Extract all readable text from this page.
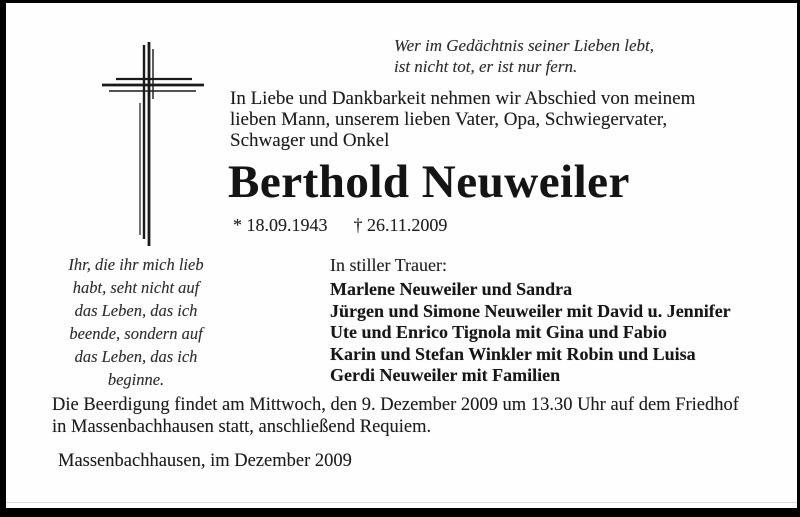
Wer im Gedächtnis seiner Lieben lebt,
ist nicht tot, er ist nur fern.
In Liebe und Dankbarkeit nehmen wir Abschied von meinem
lieben Mann, unserem lieben Vater, Opa, Schwiegervater,
Schwager und Onkel
Berthold Neuweiler
* 18.09.1943 † 26.11.2009
Ihr, die ihr mich lieb
habt, seht nicht auf
das Leben, das ich
beende, sondern auf
das Leben, das ich
beginne.
In stiller Trauer:
Marlene Neuweiler und Sandra
Jürgen und Simone Neuweiler mit David u. Jennifer
Ute und Enrico Tignola mit Gina und Fabio
Karin und Stefan Winkler mit Robin und Luisa
Gerdi Neuweiler mit Familien
Die Beerdigung findet am Mittwoch, den 9. Dezember 2009 um 13.30 Uhr auf dem Friedhof
in Massenbachhausen statt, anschließend Requiem.
Massenbachhausen, im Dezember 2009
